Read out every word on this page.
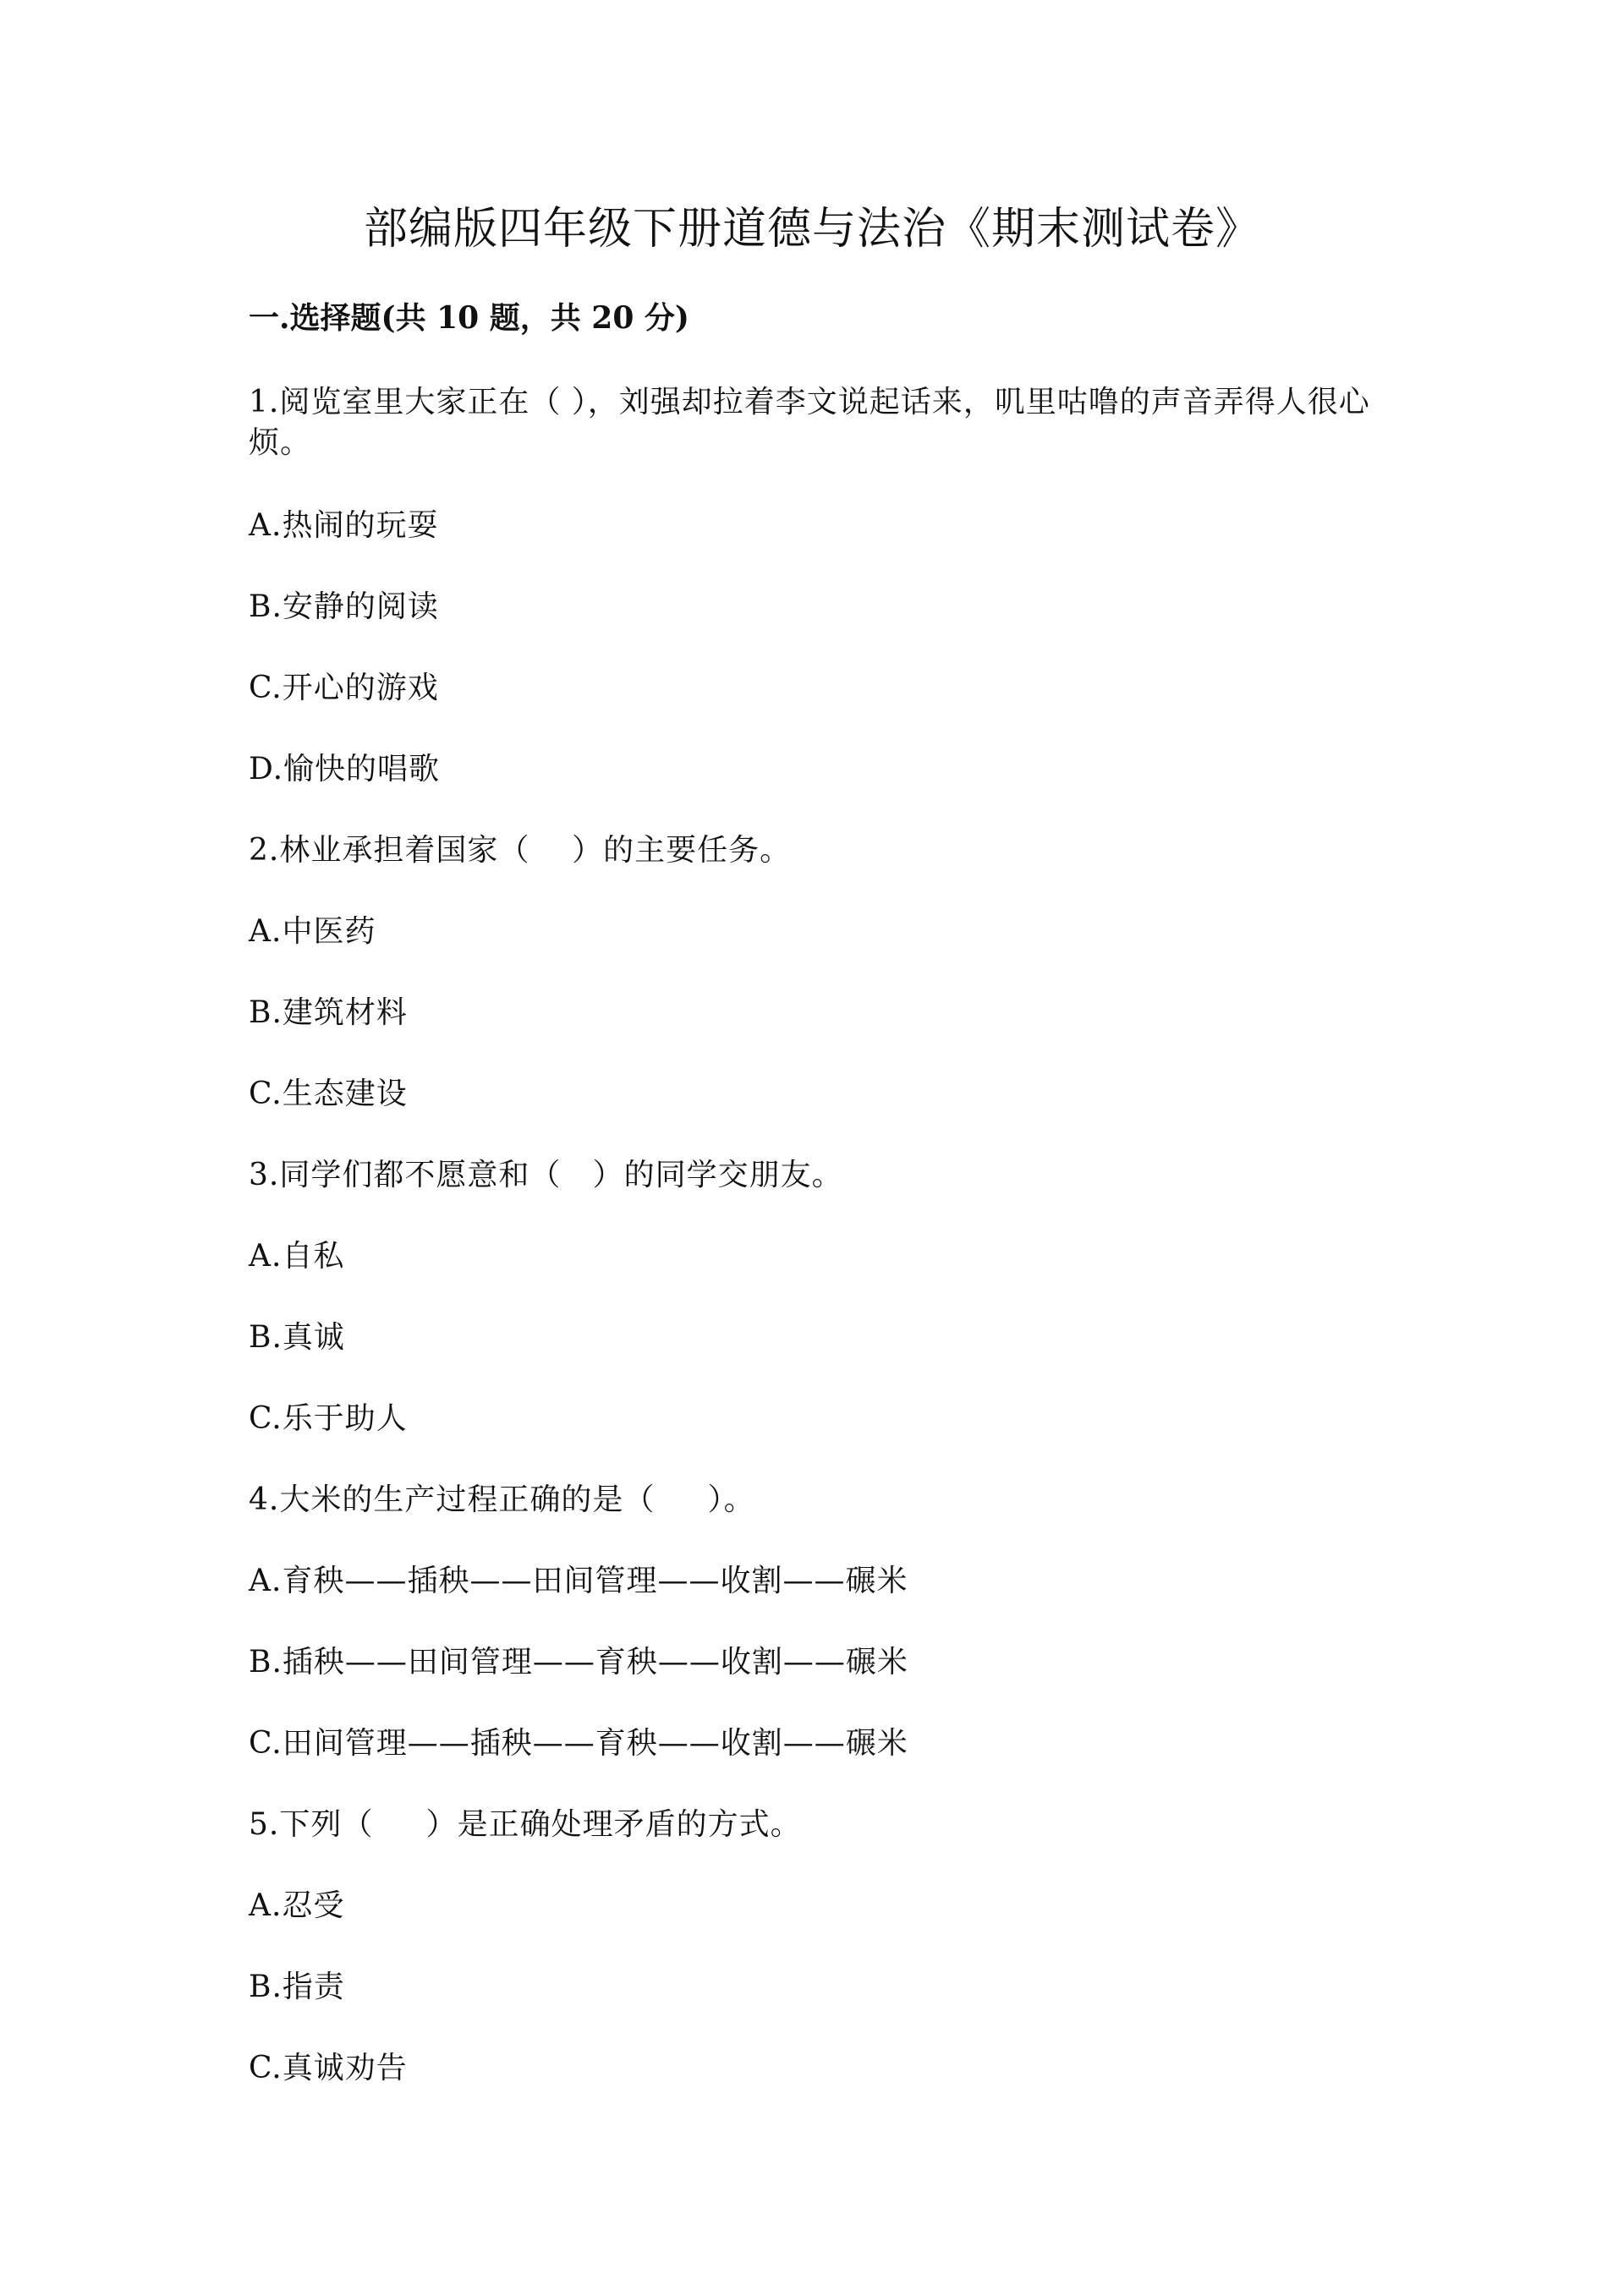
部编版四年级下册道德与法治《期末测试卷》
一.选择题(共 10 题，共 20 分)
1.阅览室里大家正在（ ），刘强却拉着李文说起话来，叽里咕噜的声音弄得人很心烦。
A.热闹的玩耍
B.安静的阅读
C.开心的游戏
D.愉快的唱歌
2.林业承担着国家（    ）的主要任务。
A.中医药
B.建筑材料
C.生态建设
3.同学们都不愿意和（   ）的同学交朋友。
A.自私
B.真诚
C.乐于助人
4.大米的生产过程正确的是（     ）。
A.育秧——插秧——田间管理——收割——碾米
B.插秧——田间管理——育秧——收割——碾米
C.田间管理——插秧——育秧——收割——碾米
5.下列（     ）是正确处理矛盾的方式。
A.忍受
B.指责
C.真诚劝告
